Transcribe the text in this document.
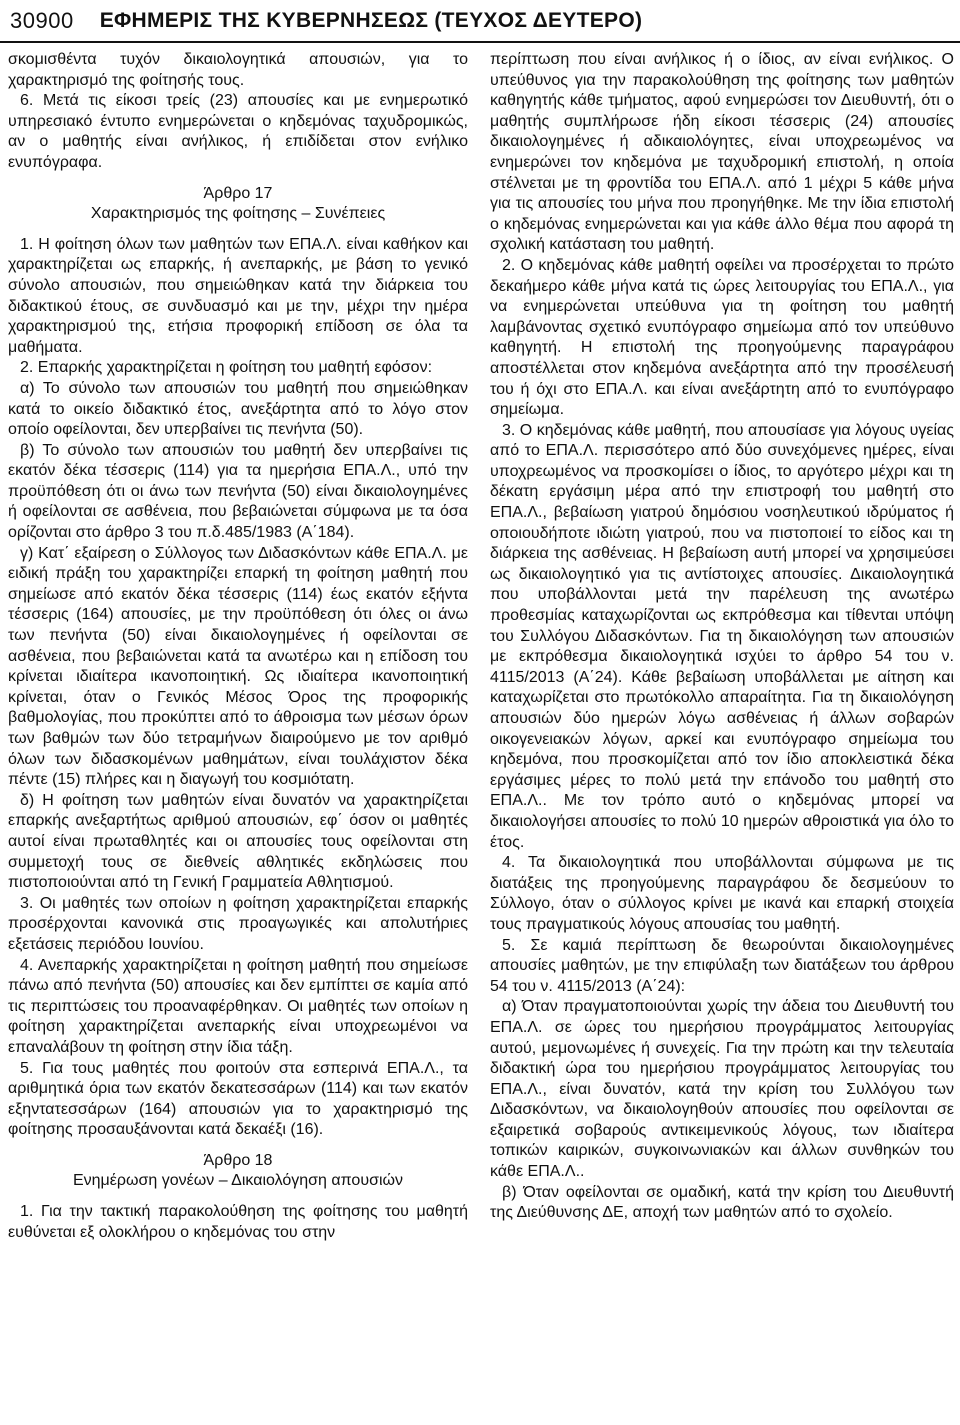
30900 ΕΦΗΜΕΡΙΣ ΤΗΣ ΚΥΒΕΡΝΗΣΕΩΣ (ΤΕΥΧΟΣ ΔΕΥΤΕΡΟ)

σκομισθέντα τυχόν δικαιολογητικά απουσιών, για το χαρακτηρισμό της φοίτησής τους.

6. Μετά τις είκοσι τρείς (23) απουσίες και με ενημερωτικό υπηρεσιακό έντυπο ενημερώνεται ο κηδεμόνας ταχυδρομικώς, αν ο μαθητής είναι ανήλικος, ή επιδίδεται στον ενήλικο ενυπόγραφα.

Άρθρο 17

Χαρακτηρισμός της φοίτησης – Συνέπειες

1. Η φοίτηση όλων των μαθητών των ΕΠΑ.Λ. είναι καθήκον και χαρακτηρίζεται ως επαρκής, ή ανεπαρκής, με βάση το γενικό σύνολο απουσιών, που σημειώθηκαν κατά την διάρκεια του διδακτικού έτους, σε συνδυασμό και με την, μέχρι την ημέρα χαρακτηρισμού της, ετήσια προφορική επίδοση σε όλα τα μαθήματα.

2. Επαρκής χαρακτηρίζεται η φοίτηση του μαθητή εφόσον:

α) Το σύνολο των απουσιών του μαθητή που σημειώθηκαν κατά το οικείο διδακτικό έτος, ανεξάρτητα από το λόγο στον οποίο οφείλονται, δεν υπερβαίνει τις πενήντα (50).

β) Το σύνολο των απουσιών του μαθητή δεν υπερβαίνει τις εκατόν δέκα τέσσερις (114) για τα ημερήσια ΕΠΑ.Λ., υπό την προϋπόθεση ότι οι άνω των πενήντα (50) είναι δικαιολογημένες ή οφείλονται σε ασθένεια, που βεβαιώνεται σύμφωνα με τα όσα ορίζονται στο άρθρο 3 του π.δ.485/1983 (Α΄184).

γ) Κατ΄ εξαίρεση ο Σύλλογος των Διδασκόντων κάθε ΕΠΑ.Λ. με ειδική πράξη του χαρακτηρίζει επαρκή τη φοίτηση μαθητή που σημείωσε από εκατόν δέκα τέσσερις (114) έως εκατόν εξήντα τέσσερις (164) απουσίες, με την προϋπόθεση ότι όλες οι άνω των πενήντα (50) είναι δικαιολογημένες ή οφείλονται σε ασθένεια, που βεβαιώνεται κατά τα ανωτέρω και η επίδοση του κρίνεται ιδιαίτερα ικανοποιητική. Ως ιδιαίτερα ικανοποιητική κρίνεται, όταν ο Γενικός Μέσος Όρος της προφορικής βαθμολογίας, που προκύπτει από το άθροισμα των μέσων όρων των βαθμών των δύο τετραμήνων διαιρούμενο με τον αριθμό όλων των διδασκομένων μαθημάτων, είναι τουλάχιστον δέκα πέντε (15) πλήρες και η διαγωγή του κοσμιότατη.

δ) Η φοίτηση των μαθητών είναι δυνατόν να χαρακτηρίζεται επαρκής ανεξαρτήτως αριθμού απουσιών, εφ΄ όσον οι μαθητές αυτοί είναι πρωταθλητές και οι απουσίες τους οφείλονται στη συμμετοχή τους σε διεθνείς αθλητικές εκδηλώσεις που πιστοποιούνται από τη Γενική Γραμματεία Αθλητισμού.

3. Οι μαθητές των οποίων η φοίτηση χαρακτηρίζεται επαρκής προσέρχονται κανονικά στις προαγωγικές και απολυτήριες εξετάσεις περιόδου Ιουνίου.

4. Ανεπαρκής χαρακτηρίζεται η φοίτηση μαθητή που σημείωσε πάνω από πενήντα (50) απουσίες και δεν εμπίπτει σε καμία από τις περιπτώσεις του προαναφέρθηκαν. Οι μαθητές των οποίων η φοίτηση χαρακτηρίζεται ανεπαρκής είναι υποχρεωμένοι να επαναλάβουν τη φοίτηση στην ίδια τάξη.

5. Για τους μαθητές που φοιτούν στα εσπερινά ΕΠΑ.Λ., τα αριθμητικά όρια των εκατόν δεκατεσσάρων (114) και των εκατόν εξηντατεσσάρων (164) απουσιών για το χαρακτηρισμό της φοίτησης προσαυξάνονται κατά δεκαέξι (16).

Άρθρο 18

Ενημέρωση γονέων – Δικαιολόγηση απουσιών

1. Για την τακτική παρακολούθηση της φοίτησης του μαθητή ευθύνεται εξ ολοκλήρου ο κηδεμόνας του στην

περίπτωση που είναι ανήλικος ή ο ίδιος, αν είναι ενήλικος. Ο υπεύθυνος για την παρακολούθηση της φοίτησης των μαθητών καθηγητής κάθε τμήματος, αφού ενημερώσει τον Διευθυντή, ότι ο μαθητής συμπλήρωσε ήδη είκοσι τέσσερις (24) απουσίες δικαιολογημένες ή αδικαιολόγητες, είναι υποχρεωμένος να ενημερώνει τον κηδεμόνα με ταχυδρομική επιστολή, η οποία στέλνεται με τη φροντίδα του ΕΠΑ.Λ. από 1 μέχρι 5 κάθε μήνα για τις απουσίες του μήνα που προηγήθηκε. Με την ίδια επιστολή ο κηδεμόνας ενημερώνεται και για κάθε άλλο θέμα που αφορά τη σχολική κατάσταση του μαθητή.

2. Ο κηδεμόνας κάθε μαθητή οφείλει να προσέρχεται το πρώτο δεκαήμερο κάθε μήνα κατά τις ώρες λειτουργίας του ΕΠΑ.Λ., για να ενημερώνεται υπεύθυνα για τη φοίτηση του μαθητή λαμβάνοντας σχετικό ενυπόγραφο σημείωμα από τον υπεύθυνο καθηγητή. Η επιστολή της προηγούμενης παραγράφου αποστέλλεται στον κηδεμόνα ανεξάρτητα από την προσέλευσή του ή όχι στο ΕΠΑ.Λ. και είναι ανεξάρτητη από το ενυπόγραφο σημείωμα.

3. Ο κηδεμόνας κάθε μαθητή, που απουσίασε για λόγους υγείας από το ΕΠΑ.Λ. περισσότερο από δύο συνεχόμενες ημέρες, είναι υποχρεωμένος να προσκομίσει ο ίδιος, το αργότερο μέχρι και τη δέκατη εργάσιμη μέρα από την επιστροφή του μαθητή στο ΕΠΑ.Λ., βεβαίωση γιατρού δημόσιου νοσηλευτικού ιδρύματος ή οποιουδήποτε ιδιώτη γιατρού, που να πιστοποιεί το είδος και τη διάρκεια της ασθένειας. Η βεβαίωση αυτή μπορεί να χρησιμεύσει ως δικαιολογητικό για τις αντίστοιχες απουσίες. Δικαιολογητικά που υποβάλλονται μετά την παρέλευση της ανωτέρω προθεσμίας καταχωρίζονται ως εκπρόθεσμα και τίθενται υπόψη του Συλλόγου Διδασκόντων. Για τη δικαιολόγηση των απουσιών με εκπρόθεσμα δικαιολογητικά ισχύει το άρθρο 54 του ν. 4115/2013 (Α΄24). Κάθε βεβαίωση υποβάλλεται με αίτηση και καταχωρίζεται στο πρωτόκολλο απαραίτητα. Για τη δικαιολόγηση απουσιών δύο ημερών λόγω ασθένειας ή άλλων σοβαρών οικογενειακών λόγων, αρκεί και ενυπόγραφο σημείωμα του κηδεμόνα, που προσκομίζεται από τον ίδιο αποκλειστικά δέκα εργάσιμες μέρες το πολύ μετά την επάνοδο του μαθητή στο ΕΠΑ.Λ.. Με τον τρόπο αυτό ο κηδεμόνας μπορεί να δικαιολογήσει απουσίες το πολύ 10 ημερών αθροιστικά για όλο το έτος.

4. Τα δικαιολογητικά που υποβάλλονται σύμφωνα με τις διατάξεις της προηγούμενης παραγράφου δε δεσμεύουν το Σύλλογο, όταν ο σύλλογος κρίνει με ικανά και επαρκή στοιχεία τους πραγματικούς λόγους απουσίας του μαθητή.

5. Σε καμιά περίπτωση δε θεωρούνται δικαιολογημένες απουσίες μαθητών, με την επιφύλαξη των διατάξεων του άρθρου 54 του ν. 4115/2013 (Α΄24):

α) Όταν πραγματοποιούνται χωρίς την άδεια του Διευθυντή του ΕΠΑ.Λ. σε ώρες του ημερήσιου προγράμματος λειτουργίας αυτού, μεμονωμένες ή συνεχείς. Για την πρώτη και την τελευταία διδακτική ώρα του ημερήσιου προγράμματος λειτουργίας του ΕΠΑ.Λ., είναι δυνατόν, κατά την κρίση του Συλλόγου των Διδασκόντων, να δικαιολογηθούν απουσίες που οφείλονται σε εξαιρετικά σοβαρούς αντικειμενικούς λόγους, των ιδιαίτερα τοπικών καιρικών, συγκοινωνιακών και άλλων συνθηκών του κάθε ΕΠΑ.Λ..

β) Όταν οφείλονται σε ομαδική, κατά την κρίση του Διευθυντή της Διεύθυνσης ΔΕ, αποχή των μαθητών από το σχολείο.
